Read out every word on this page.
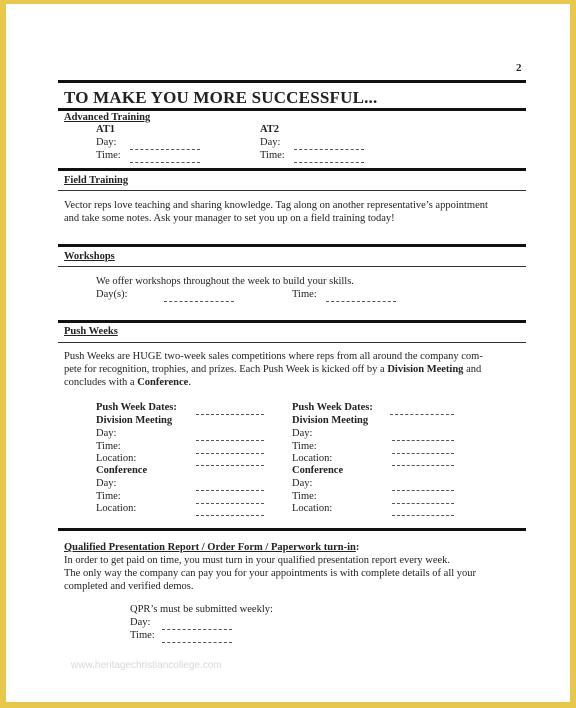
2
TO MAKE YOU MORE SUCCESSFUL...
Advanced Training
AT1
Day:
Time:
AT2
Day:
Time:
Field Training
Vector reps love teaching and sharing knowledge. Tag along on another representative’s appointment
and take some notes. Ask your manager to set you up on a field training today!
Workshops
We offer workshops throughout the week to build your skills.
Day(s):	Time:
Push Weeks
Push Weeks are HUGE two-week sales competitions where reps from all around the company com-
pete for recognition, trophies, and prizes. Each Push Week is kicked off by a Division Meeting and
concludes with a Conference.
Push Week Dates:
Division Meeting
Day:
Time:
Location:
Conference
Day:
Time:
Location:
Push Week Dates:
Division Meeting
Day:
Time:
Location:
Conference
Day:
Time:
Location:
Qualified Presentation Report / Order Form / Paperwork turn-in:
In order to get paid on time, you must turn in your qualified presentation report every week.
The only way the company can pay you for your appointments is with complete details of all your
completed and verified demos.
QPR’s must be submitted weekly:
Day:
Time:
www.heritagechristiancollege.com
